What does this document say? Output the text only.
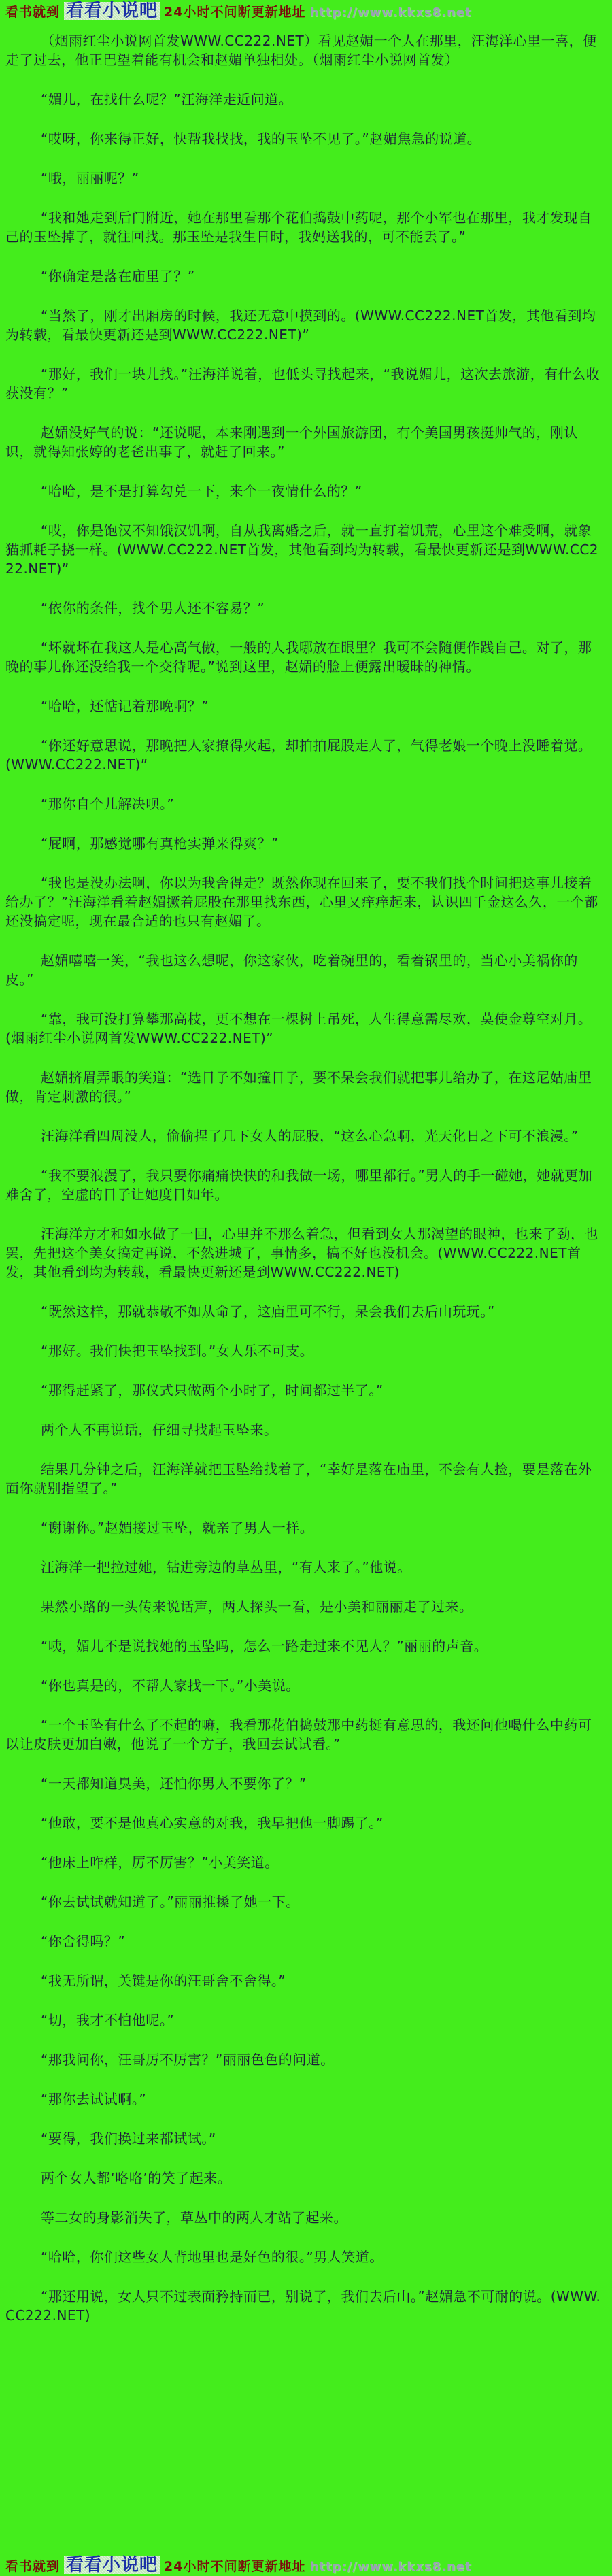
看书就到 看看小说吧 24小时不间断更新地址 http://www.kkxs8.net

（烟雨红尘小说网首发WWW.CC222.NET）看见赵媚一个人在那里，汪海洋心里一喜，便走了过去，他正巴望着能有机会和赵媚单独相处。（烟雨红尘小说网首发）

“媚儿，在找什么呢？”汪海洋走近问道。

“哎呀，你来得正好，快帮我找找，我的玉坠不见了。”赵媚焦急的说道。

“哦，丽丽呢？”

“我和她走到后门附近，她在那里看那个花伯捣鼓中药呢，那个小军也在那里，我才发现自己的玉坠掉了，就往回找。那玉坠是我生日时，我妈送我的，可不能丢了。”

“你确定是落在庙里了？”

“当然了，刚才出厢房的时候，我还无意中摸到的。(WWW.CC222.NET首发，其他看到均为转载，看最快更新还是到WWW.CC222.NET)”

“那好，我们一块儿找。”汪海洋说着，也低头寻找起来，“我说媚儿，这次去旅游，有什么收获没有？”

赵媚没好气的说：“还说呢，本来刚遇到一个外国旅游团，有个美国男孩挺帅气的，刚认识，就得知张婷的老爸出事了，就赶了回来。”

“哈哈，是不是打算勾兑一下，来个一夜情什么的？”

“哎，你是饱汉不知饿汉饥啊，自从我离婚之后，就一直打着饥荒，心里这个难受啊，就象猫抓耗子挠一样。(WWW.CC222.NET首发，其他看到均为转载，看最快更新还是到WWW.CC222.NET)”

“依你的条件，找个男人还不容易？”

“坏就坏在我这人是心高气傲，一般的人我哪放在眼里？我可不会随便作践自己。对了，那晚的事儿你还没给我一个交待呢。”说到这里，赵媚的脸上便露出暧昧的神情。

“哈哈，还惦记着那晚啊？”

“你还好意思说，那晚把人家撩得火起，却拍拍屁股走人了，气得老娘一个晚上没睡着觉。(WWW.CC222.NET)”

“那你自个儿解决呗。”

“屁啊，那感觉哪有真枪实弹来得爽？”

“我也是没办法啊，你以为我舍得走？既然你现在回来了，要不我们找个时间把这事儿接着给办了？”汪海洋看着赵媚撅着屁股在那里找东西，心里又痒痒起来，认识四千金这么久，一个都还没搞定呢，现在最合适的也只有赵媚了。

赵媚嘻嘻一笑，“我也这么想呢，你这家伙，吃着碗里的，看着锅里的，当心小美祸你的皮。”

“靠，我可没打算攀那高枝，更不想在一棵树上吊死，人生得意需尽欢，莫使金尊空对月。(烟雨红尘小说网首发WWW.CC222.NET)”

赵媚挤眉弄眼的笑道：“选日子不如撞日子，要不呆会我们就把事儿给办了，在这尼姑庙里做，肯定刺激的很。”

汪海洋看四周没人，偷偷捏了几下女人的屁股，“这么心急啊，光天化日之下可不浪漫。”

“我不要浪漫了，我只要你痛痛快快的和我做一场，哪里都行。”男人的手一碰她，她就更加难舍了，空虚的日子让她度日如年。

汪海洋方才和如水做了一回，心里并不那么着急，但看到女人那渴望的眼神，也来了劲，也罢，先把这个美女搞定再说，不然进城了，事情多，搞不好也没机会。(WWW.CC222.NET首发，其他看到均为转载，看最快更新还是到WWW.CC222.NET)

“既然这样，那就恭敬不如从命了，这庙里可不行，呆会我们去后山玩玩。”

“那好。我们快把玉坠找到。”女人乐不可支。

“那得赶紧了，那仪式只做两个小时了，时间都过半了。”

两个人不再说话，仔细寻找起玉坠来。

结果几分钟之后，汪海洋就把玉坠给找着了，“幸好是落在庙里，不会有人捡，要是落在外面你就别指望了。”

“谢谢你。”赵媚接过玉坠，就亲了男人一样。

汪海洋一把拉过她，钻进旁边的草丛里，“有人来了。”他说。

果然小路的一头传来说话声，两人探头一看，是小美和丽丽走了过来。

“咦，媚儿不是说找她的玉坠吗，怎么一路走过来不见人？”丽丽的声音。

“你也真是的，不帮人家找一下。”小美说。

“一个玉坠有什么了不起的嘛，我看那花伯捣鼓那中药挺有意思的，我还问他喝什么中药可以让皮肤更加白嫩，他说了一个方子，我回去试试看。”

“一天都知道臭美，还怕你男人不要你了？”

“他敢，要不是他真心实意的对我，我早把他一脚踢了。”

“他床上咋样，厉不厉害？”小美笑道。

“你去试试就知道了。”丽丽推搡了她一下。

“你舍得吗？”

“我无所谓，关键是你的汪哥舍不舍得。”

“切，我才不怕他呢。”

“那我问你，汪哥厉不厉害？”丽丽色色的问道。

“那你去试试啊。”

“要得，我们换过来都试试。”

两个女人都‘咯咯’的笑了起来。

等二女的身影消失了，草丛中的两人才站了起来。

“哈哈，你们这些女人背地里也是好色的很。”男人笑道。

“那还用说，女人只不过表面矜持而已，别说了，我们去后山。”赵媚急不可耐的说。(WWW.CC222.NET)

看书就到 看看小说吧 24小时不间断更新地址 http://www.kkxs8.net
